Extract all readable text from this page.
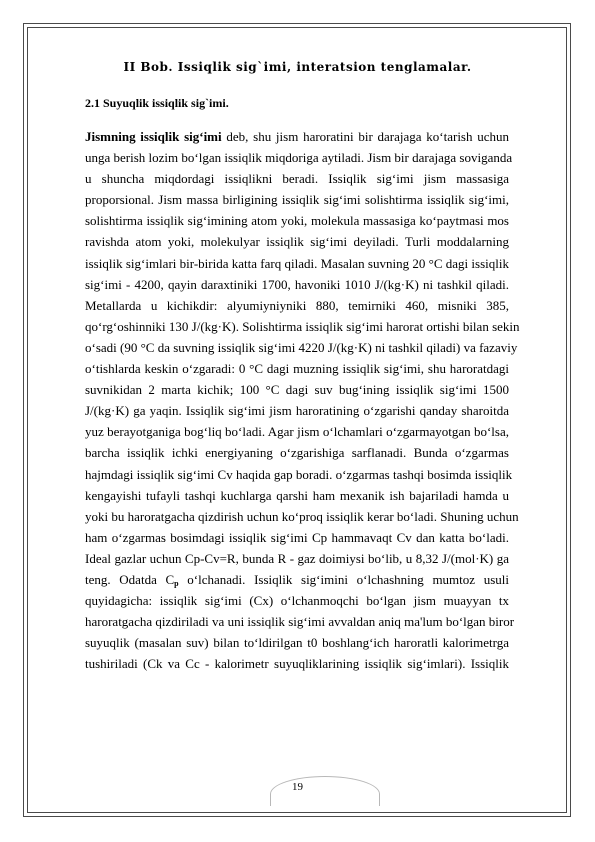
II Bob. Issiqlik sig`imi, interatsion tenglamalar.
2.1 Suyuqlik issiqlik sig`imi.
Jismning issiqlik sig‘imi deb, shu jism haroratini bir darajaga ko‘tarish uchun
unga berish lozim bo‘lgan issiqlik miqdoriga aytiladi. Jism bir darajaga soviganda
u shuncha miqdordagi issiqlikni beradi. Issiqlik sig‘imi jism massasiga
proporsional. Jism massa birligining issiqlik sig‘imi solishtirma issiqlik sig‘imi,
solishtirma issiqlik sig‘imining atom yoki, molekula massasiga ko‘paytmasi mos
ravishda atom yoki, molekulyar issiqlik sig‘imi deyiladi. Turli moddalarning
issiqlik sig‘imlari bir-birida katta farq qiladi. Masalan suvning 20 °C dagi issiqlik
sig‘imi - 4200, qayin daraxtiniki 1700, havoniki 1010 J/(kg·K) ni tashkil qiladi.
Metallarda u kichikdir: alyumiyniyniki 880, temirniki 460, misniki 385,
qo‘rg‘oshinniki 130 J/(kg·K). Solishtirma issiqlik sig‘imi harorat ortishi bilan sekin
o‘sadi (90 °C da suvning issiqlik sig‘imi 4220 J/(kg·K) ni tashkil qiladi) va fazaviy
o‘tishlarda keskin o‘zgaradi: 0 °C dagi muzning issiqlik sig‘imi, shu haroratdagi
suvnikidan 2 marta kichik; 100 °C dagi suv bug‘ining issiqlik sig‘imi 1500
J/(kg·K) ga yaqin. Issiqlik sig‘imi jism haroratining o‘zgarishi qanday sharoitda
yuz berayotganiga bog‘liq bo‘ladi. Agar jism o‘lchamlari o‘zgarmayotgan bo‘lsa,
barcha issiqlik ichki energiyaning o‘zgarishiga sarflanadi. Bunda o‘zgarmas
hajmdagi issiqlik sig‘imi Cv haqida gap boradi. o‘zgarmas tashqi bosimda issiqlik
kengayishi tufayli tashqi kuchlarga qarshi ham mexanik ish bajariladi hamda u
yoki bu haroratgacha qizdirish uchun ko‘proq issiqlik kerar bo‘ladi. Shuning uchun
ham o‘zgarmas bosimdagi issiqlik sig‘imi Cp hammavaqt Cv dan katta bo‘ladi.
Ideal gazlar uchun Cp-Cv=R, bunda R - gaz doimiysi bo‘lib, u 8,32 J/(mol·K) ga
teng. Odatda $C_p$ o‘lchanadi. Issiqlik sig‘imini o‘lchashning mumtoz usuli
quyidagicha: issiqlik sig‘imi (Cx) o‘lchanmoqchi bo‘lgan jism muayyan tx
haroratgacha qizdiriladi va uni issiqlik sig‘imi avvaldan aniq ma'lum bo‘lgan biror
suyuqlik (masalan suv) bilan to‘ldirilgan t0 boshlang‘ich haroratli kalorimetrga
tushiriladi (Ck va Cc - kalorimetr suyuqliklarining issiqlik sig‘imlari). Issiqlik
19
